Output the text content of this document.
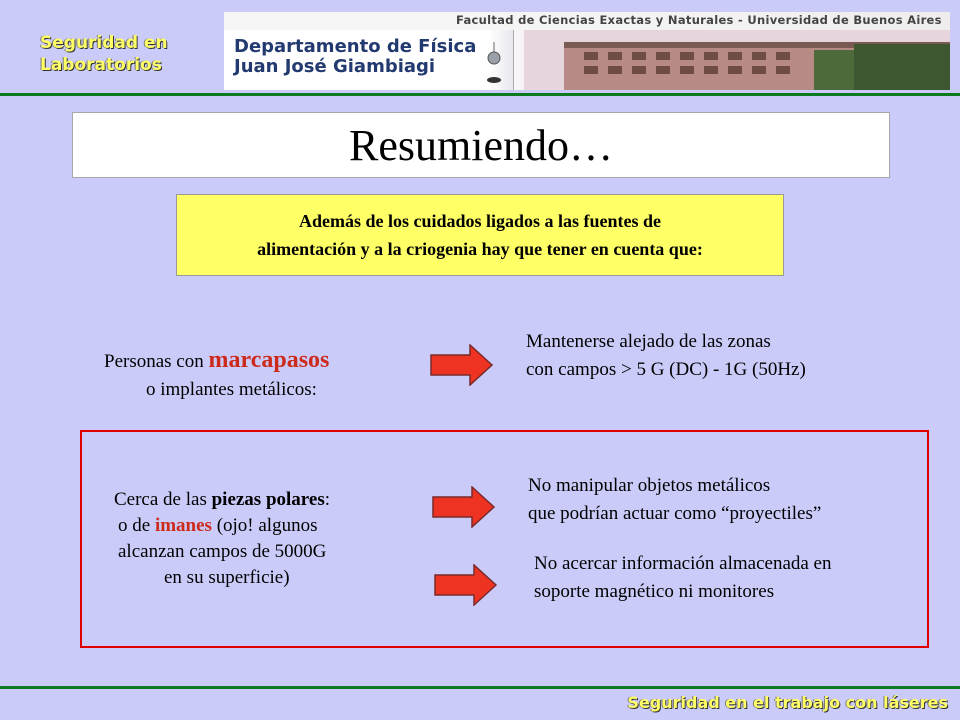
Seguridad en
Laboratorios
Facultad de Ciencias Exactas y Naturales - Universidad de Buenos Aires
Departamento de Física
Juan José Giambiagi
Resumiendo…
Además de los cuidados ligados a las fuentes de
alimentación y a la criogenia hay que tener en cuenta que:
Personas con marcapasos
o implantes metálicos:
Mantenerse alejado de las zonas
con campos > 5 G (DC) - 1G (50Hz)
Cerca de las piezas polares:
o de imanes (ojo! algunos
alcanzan campos de 5000G
en su superficie)
No manipular objetos metálicos
que podrían actuar como “proyectiles”
No acercar información almacenada en
soporte magnético ni monitores
Seguridad en el trabajo con láseres
